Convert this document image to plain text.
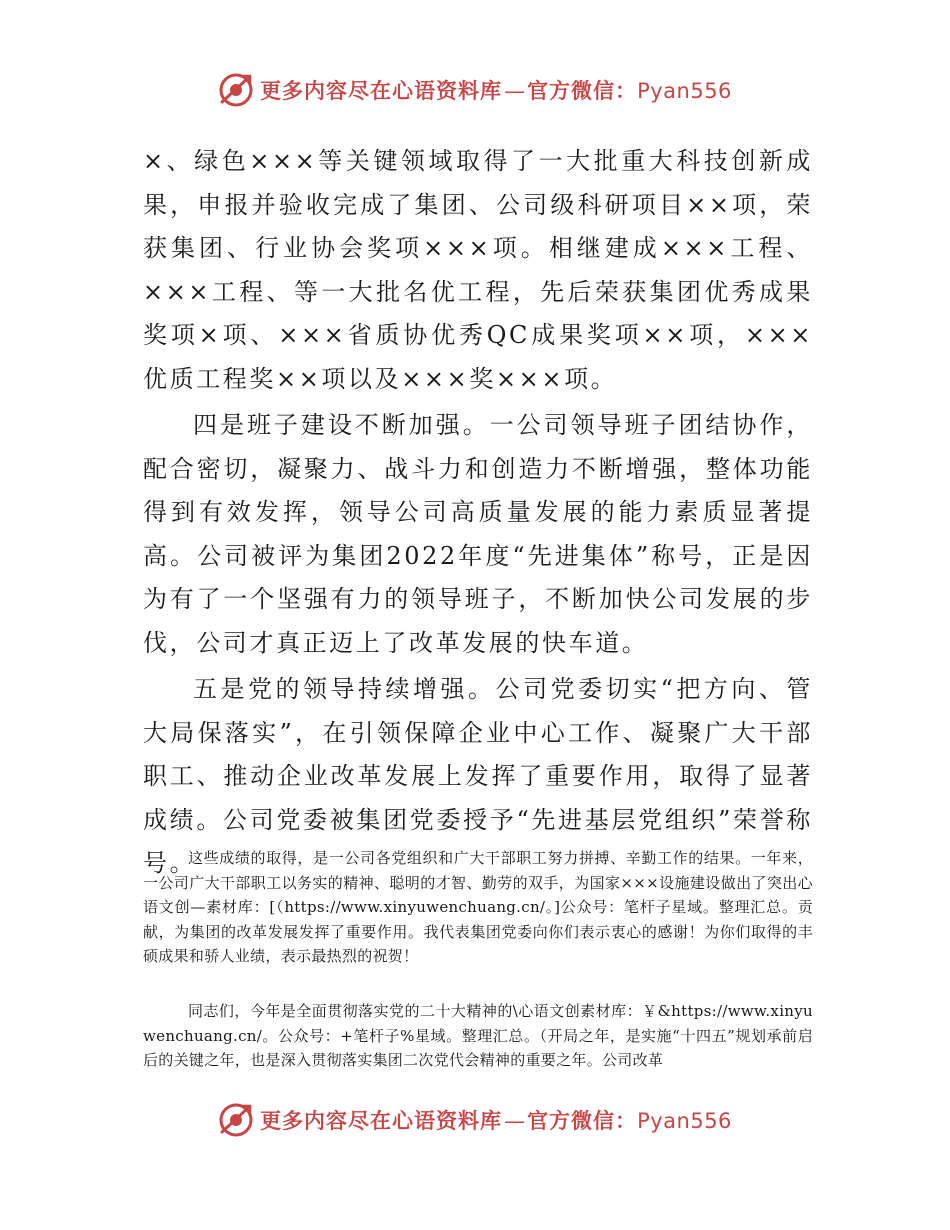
更多内容尽在心语资料库—官方微信：Pyan556

×、绿色×××等关键领域取得了一大批重大科技创新成果，申报并验收完成了集团、公司级科研项目××项，荣获集团、行业协会奖项×××项。相继建成×××工程、×××工程、等一大批名优工程，先后荣获集团优秀成果奖项×项、×××省质协优秀QC成果奖项××项，×××优质工程奖××项以及×××奖×××项。

四是班子建设不断加强。一公司领导班子团结协作，配合密切，凝聚力、战斗力和创造力不断增强，整体功能得到有效发挥，领导公司高质量发展的能力素质显著提高。公司被评为集团2022年度“先进集体”称号，正是因为有了一个坚强有力的领导班子，不断加快公司发展的步伐，公司才真正迈上了改革发展的快车道。

五是党的领导持续增强。公司党委切实“把方向、管大局保落实”，在引领保障企业中心工作、凝聚广大干部职工、推动企业改革发展上发挥了重要作用，取得了显著成绩。公司党委被集团党委授予“先进基层党组织”荣誉称号。

这些成绩的取得，是一公司各党组织和广大干部职工努力拼搏、辛勤工作的结果。一年来，一公司广大干部职工以务实的精神、聪明的才智、勤劳的双手，为国家×××设施建设做出了突出心语文创—素材库：[（https://www.xinyuwenchuang.cn/。]公众号：笔杆子星域。整理汇总。贡献，为集团的改革发展发挥了重要作用。我代表集团党委向你们表示衷心的感谢！为你们取得的丰硕成果和骄人业绩，表示最热烈的祝贺！

同志们，今年是全面贯彻落实党的二十大精神的\心语文创素材库：￥&https://www.xinyuwenchuang.cn/。公众号：+笔杆子%星域。整理汇总。（开局之年，是实施“十四五”规划承前启后的关键之年，也是深入贯彻落实集团二次党代会精神的重要之年。公司改革

更多内容尽在心语资料库—官方微信：Pyan556
